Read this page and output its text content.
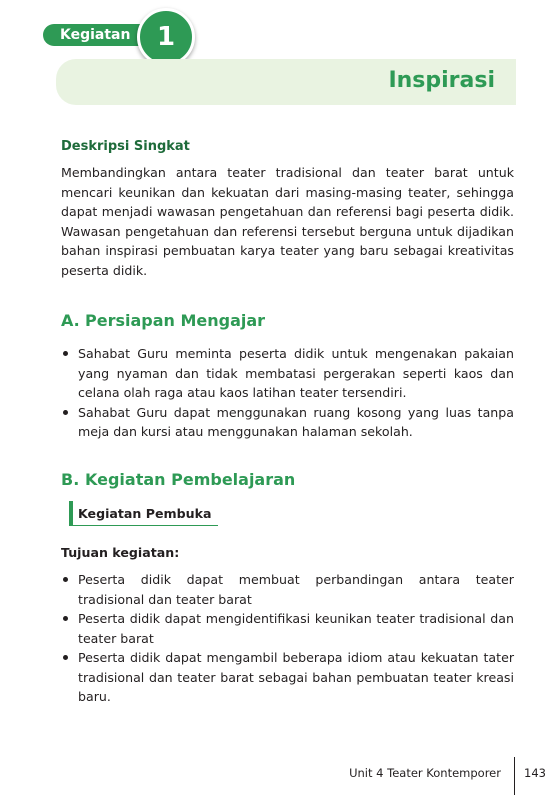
Kegiatan	1
Inspirasi
Deskripsi Singkat

Membandingkan antara teater tradisional dan teater barat untuk mencari keunikan dan kekuatan dari masing-masing teater, sehingga dapat menjadi wawasan pengetahuan dan referensi bagi peserta didik. Wawasan pengetahuan dan referensi tersebut berguna untuk dijadikan bahan inspirasi pembuatan karya teater yang baru sebagai kreativitas peserta didik.

A. Persiapan Mengajar
Sahabat Guru meminta peserta didik untuk mengenakan pakaian yang nyaman dan tidak membatasi pergerakan seperti kaos dan celana olah raga atau kaos latihan teater tersendiri.
Sahabat Guru dapat menggunakan ruang kosong yang luas tanpa meja dan kursi atau menggunakan halaman sekolah.
B. Kegiatan Pembelajaran
Kegiatan Pembuka
Tujuan kegiatan:
Peserta didik dapat membuat perbandingan antara teater tradisional dan teater barat
Peserta didik dapat mengidentifikasi keunikan teater tradisional dan teater barat
Peserta didik dapat mengambil beberapa idiom atau kekuatan tater tradisional dan teater barat sebagai bahan pembuatan teater kreasi baru.
Unit 4 Teater Kontemporer 143
